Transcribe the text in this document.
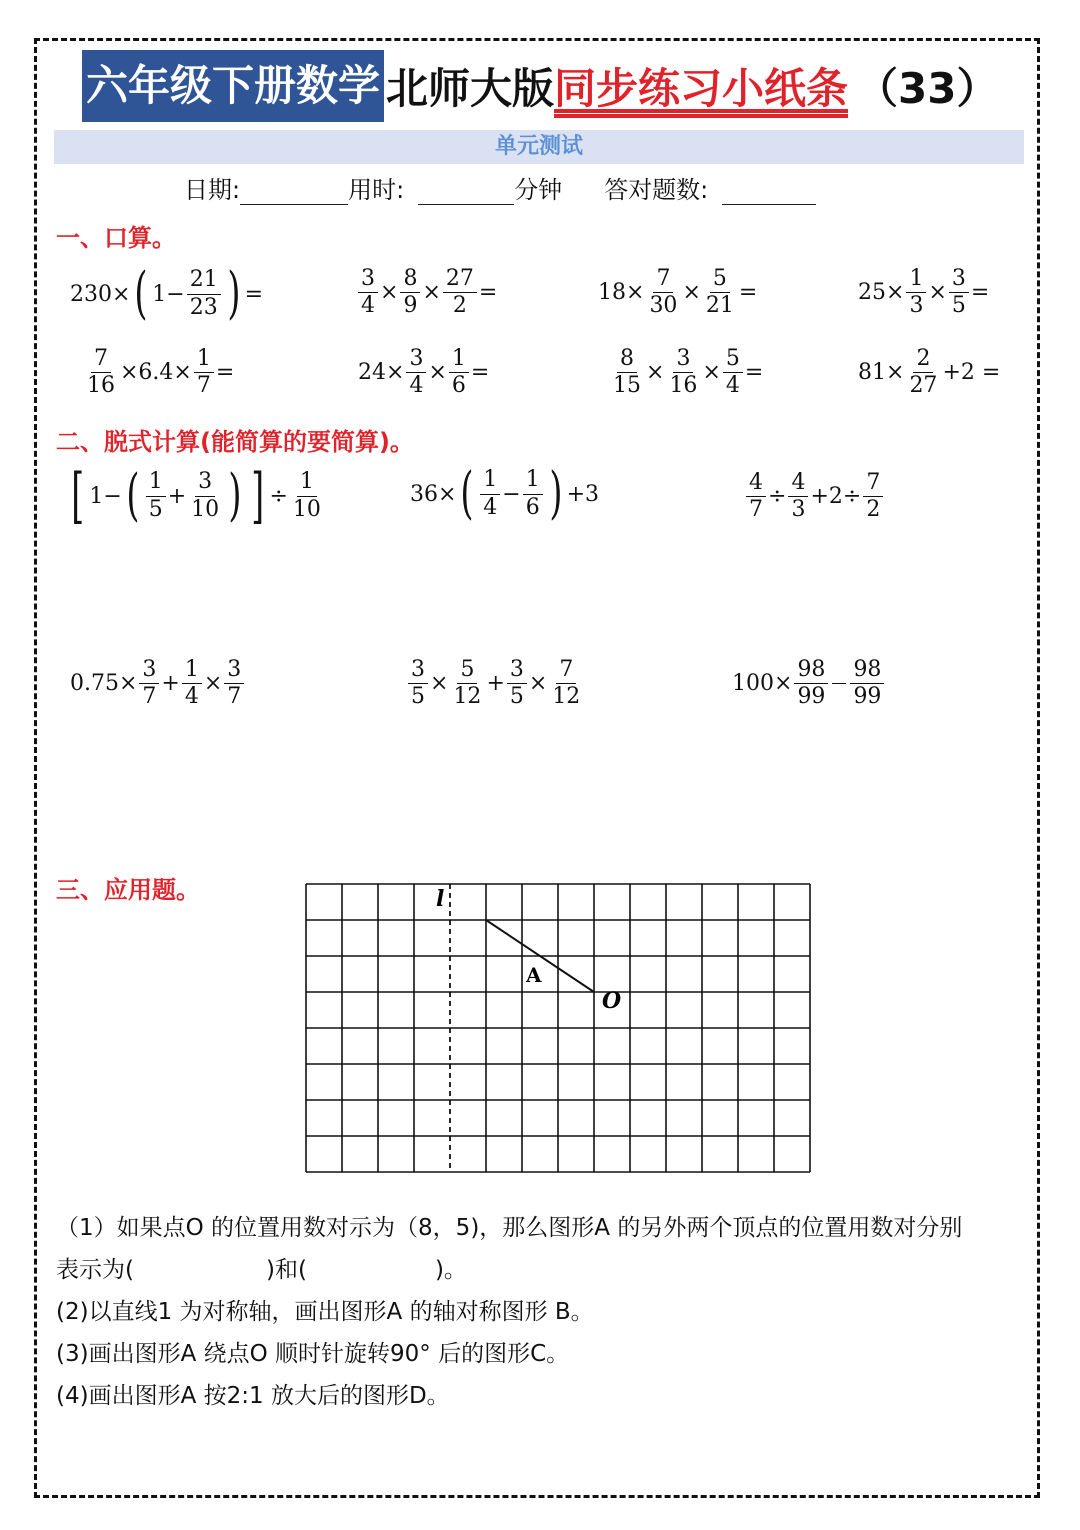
六年级下册数学 北师大版 同步练习小纸条 （33）
单元测试
日期:	用时:	分钟 答对题数:
一、口算。
230× ( $1- \frac{21}{23}$ ) =	$\frac{3}{4} \times \frac{8}{9} \times \frac{27}{2}$ =	$18\times \frac{7}{30} \times \frac{5}{21}$ =	$25\times \frac{1}{3} \times \frac{3}{5}$ =
$\frac{7}{16} \times 6.4\times \frac{1}{7}$ =	$24\times \frac{3}{4} \times \frac{1}{6}$ =	$\frac{8}{15} \times \frac{3}{16} \times \frac{5}{4}$ =	$81\times \frac{2}{27} +2$ =
二、脱式计算(能简算的要简算)。
[ 1− ( $\frac{1}{5} + \frac{3}{10}$ ) ] ÷ $\frac{1}{10}$	36× ( $\frac{1}{4} - \frac{1}{6}$ ) +3	$\frac{4}{7} \div \frac{4}{3} +2\div \frac{7}{2}$
$0.75\times \frac{3}{7} + \frac{1}{4} \times \frac{3}{7}$	$\frac{3}{5} \times \frac{5}{12} + \frac{3}{5} \times \frac{7}{12}$	$100\times \frac{98}{99} \frac{98}{99}$
三、应用题。	l
A
O
（1）如果点O 的位置用数对示为（8，5)，那么图形A 的另外两个顶点的位置用数对分别
表示为(	)和(	)。
(2)以直线1 为对称轴，画出图形A 的轴对称图形 B。
(3)画出图形A 绕点O 顺时针旋转90° 后的图形C。
(4)画出图形A 按2:1 放大后的图形D。
